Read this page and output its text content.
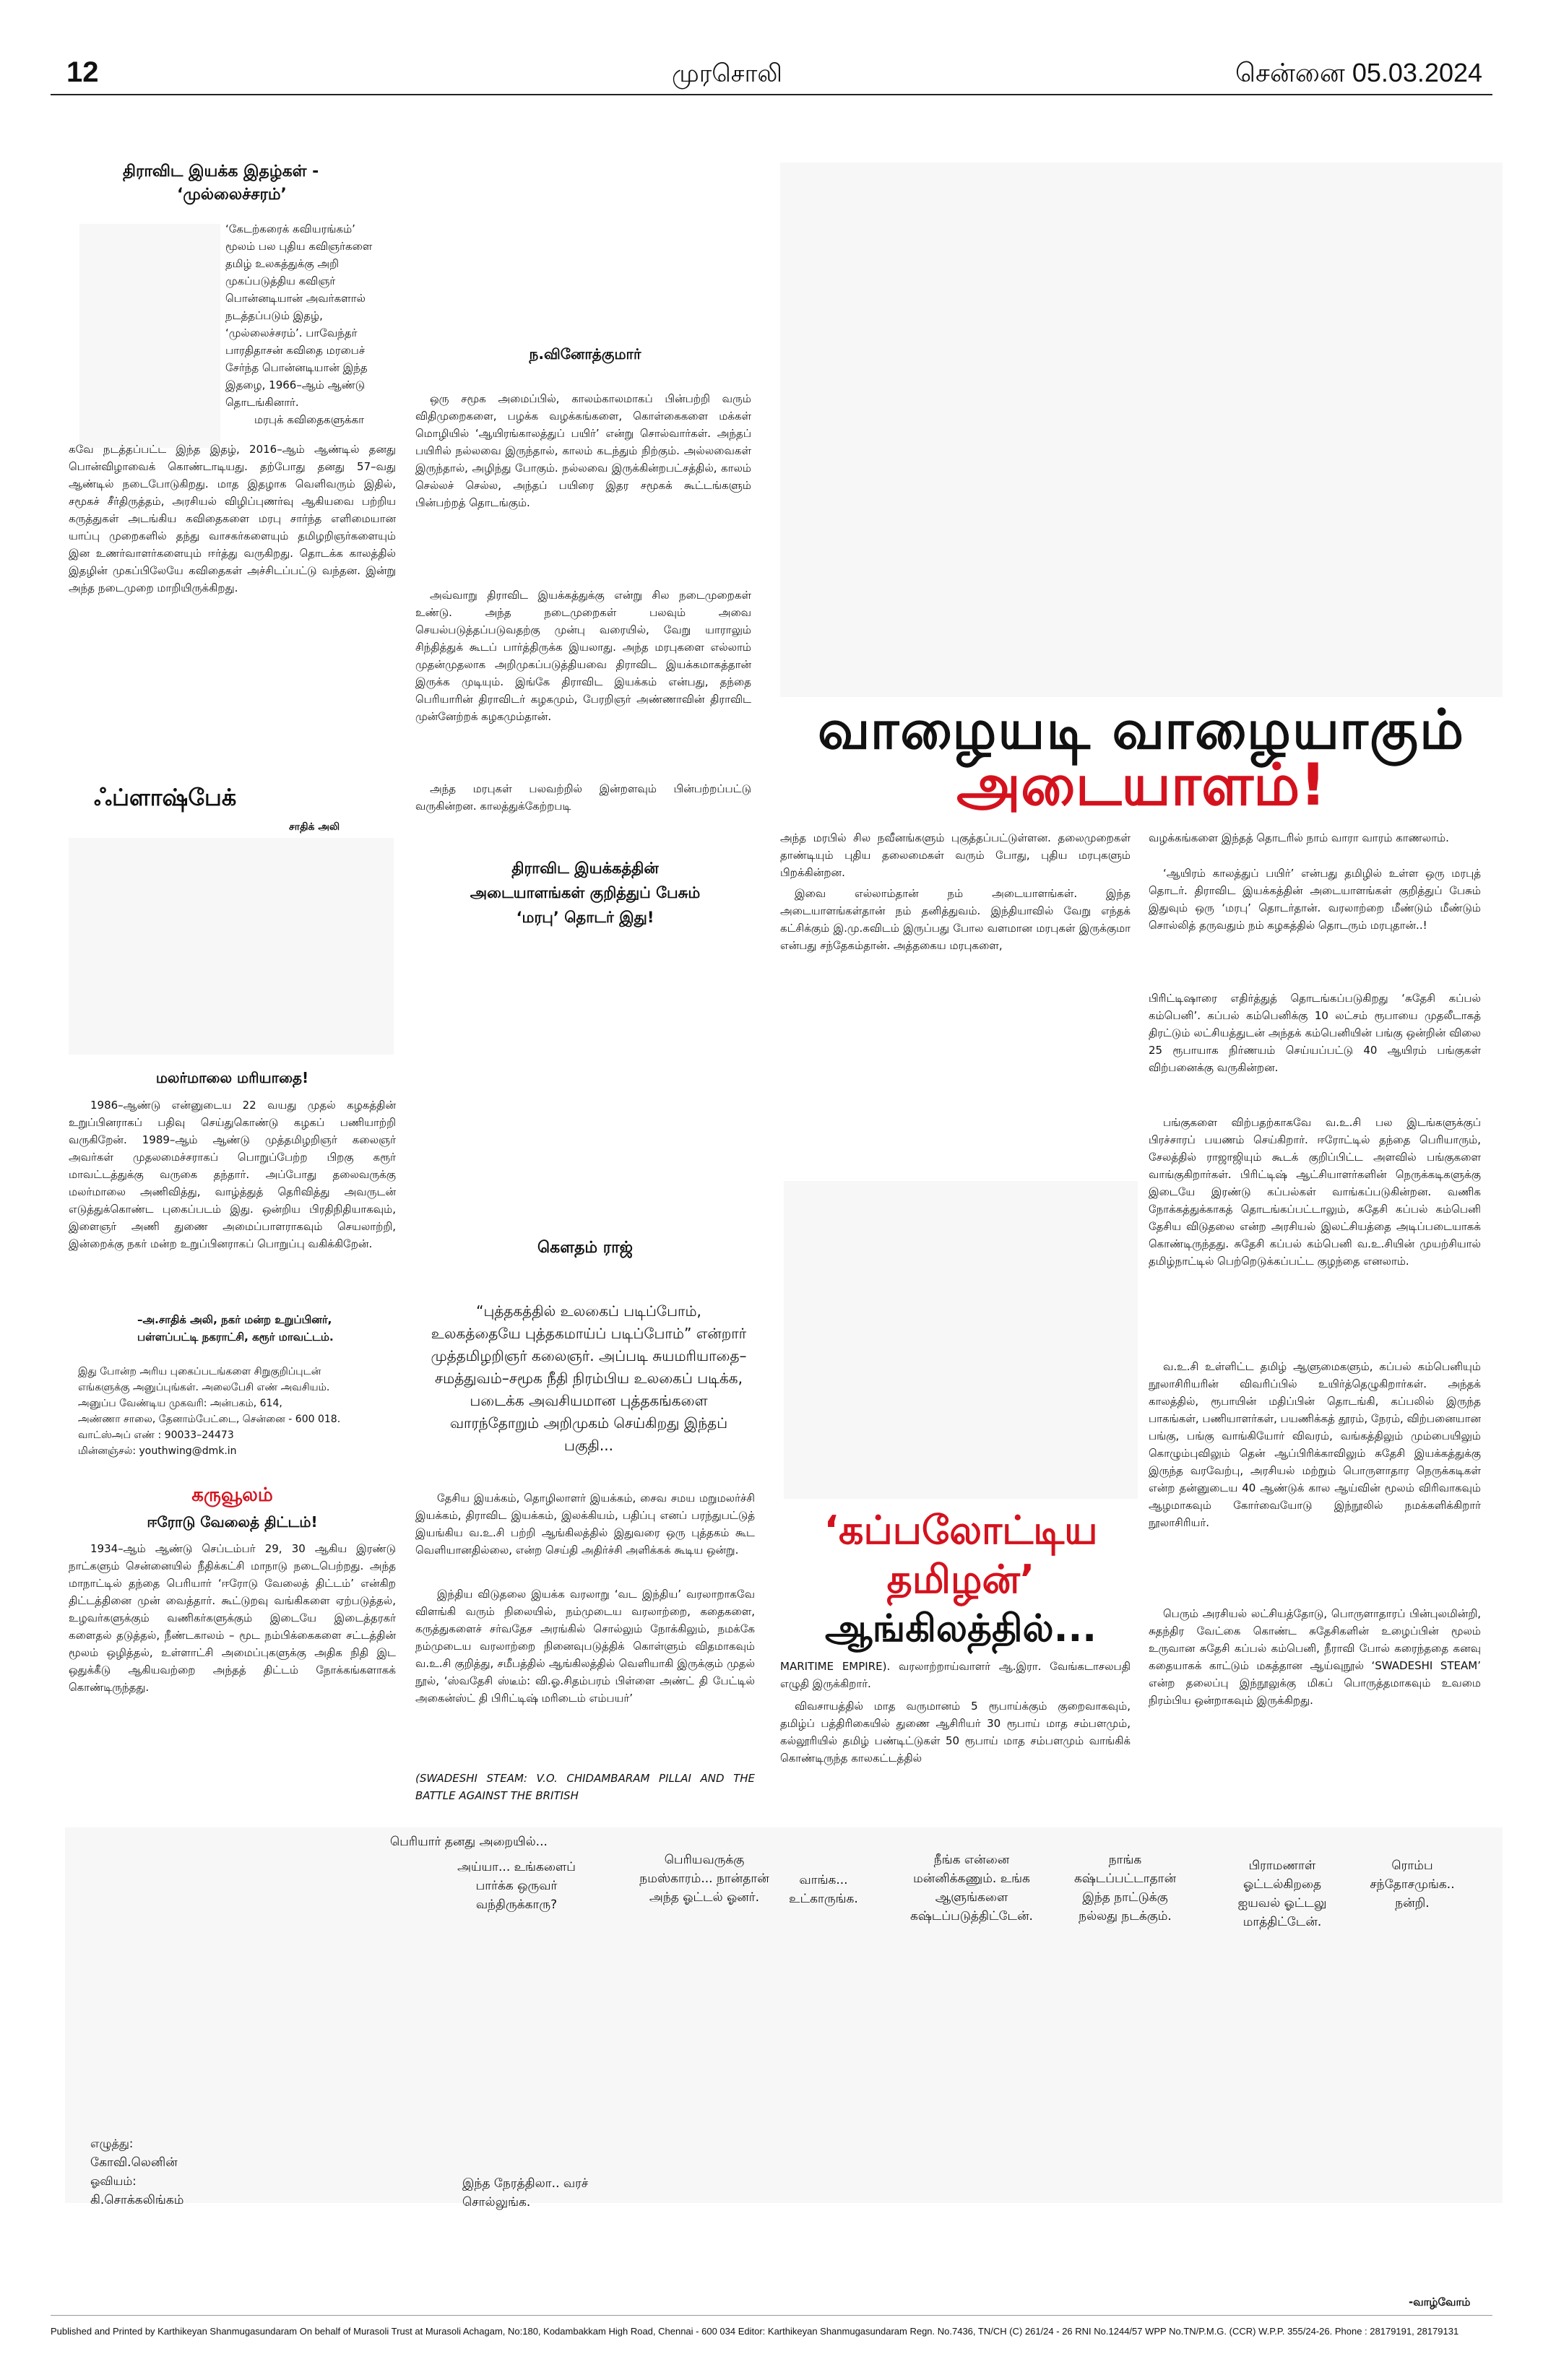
12	முரசொலி	சென்னை 05.03.2024
திராவிட இயக்க இதழ்கள் -
‘முல்லைச்சரம்’
‘கேடற்கரைக் கவியரங்கம்’
மூலம் பல புதிய கவிஞர்களை
தமிழ் உலகத்துக்கு அறி
முகப்படுத்திய கவிஞர்
பொன்னடியான் அவர்களால்
நடத்தப்படும் இதழ்,
‘முல்லைச்சரம்’. பாவேந்தர்
பாரதிதாசன் கவிதை மரபைச்
சேர்ந்த பொன்னடியான் இந்த
இதழை, 1966–ஆம் ஆண்டு
தொடங்கினார்.
மரபுக் கவிதைகளுக்கா

கவே நடத்தப்பட்ட இந்த இதழ், 2016–ஆம் ஆண்டில் தனது பொன்விழாவைக் கொண்டாடியது. தற்போது தனது 57–வது ஆண்டில் நடைபோடுகிறது. மாத இதழாக வெளிவரும் இதில், சமூகச் சீர்திருத்தம், அரசியல் விழிப்புணர்வு ஆகியவை பற்றிய கருத்துகள் அடங்கிய கவிதைகளை மரபு சார்ந்த எளிமையான யாப்பு முறைகளில் தந்து வாசகர்களையும் தமிழறிஞர்களையும் இன உணர்வாளர்களையும் ஈர்த்து வருகிறது. தொடக்க காலத்தில் இதழின் முகப்பிலேயே கவிதைகள் அச்சிடப்பட்டு வந்தன. இன்று அந்த நடைமுறை மாறியிருக்கிறது.

ஃப்ளாஷ்பேக்
சாதிக் அலி
மலர்மாலை மரியாதை!

1986–ஆண்டு என்னுடைய 22 வயது முதல் கழகத்தின் உறுப்பினராகப் பதிவு செய்துகொண்டு கழகப் பணியாற்றி வருகிறேன். 1989–ஆம் ஆண்டு முத்தமிழறிஞர் கலைஞர் அவர்கள் முதலமைச்சராகப் பொறுப்பேற்ற பிறகு கரூர் மாவட்டத்துக்கு வருகை தந்தார். அப்போது தலைவருக்கு மலர்மாலை அணிவித்து, வாழ்த்துத் தெரிவித்து அவருடன் எடுத்துக்கொண்ட புகைப்படம் இது. ஒன்றிய பிரதிநிதியாகவும், இளைஞர் அணி துணை அமைப்பாளராகவும் செயலாற்றி, இன்றைக்கு நகர் மன்ற உறுப்பினராகப் பொறுப்பு வகிக்கிறேன்.

–அ.சாதிக் அலி, நகர் மன்ற உறுப்பினர்,
பள்ளப்பட்டி நகராட்சி, கரூர் மாவட்டம்.
இது போன்ற அரிய புகைப்படங்களை சிறுகுறிப்புடன்
எங்களுக்கு அனுப்புங்கள். அலைபேசி எண் அவசியம்.
அனுப்ப வேண்டிய முகவரி: அன்பகம், 614,
அண்ணா சாலை, தேனாம்பேட்டை, சென்னை - 600 018.
வாட்ஸ்அப் எண் : 90033–24473
மின்னஞ்சல்: youthwing@dmk.in
கருவூலம்
ஈரோடு வேலைத் திட்டம்!

1934–ஆம் ஆண்டு செப்டம்பர் 29, 30 ஆகிய இரண்டு நாட்களும் சென்னையில் நீதிக்கட்சி மாநாடு நடைபெற்றது. அந்த மாநாட்டில் தந்தை பெரியார் ‘ஈரோடு வேலைத் திட்டம்’ என்கிற திட்டத்தினை முன் வைத்தார். கூட்டுறவு வங்கிகளை ஏற்படுத்தல், உழவர்களுக்கும் வணிகர்களுக்கும் இடையே இடைத்தரகர் களைதல் தடுத்தல், நீண்டகாலம் – மூட நம்பிக்கைகளை சட்டத்தின் மூலம் ஒழித்தல், உள்ளாட்சி அமைப்புகளுக்கு அதிக நிதி இட ஒதுக்கீடு ஆகியவற்றை அந்தத் திட்டம் நோக்கங்களாகக் கொண்டிருந்தது.

ந.வினோத்குமார்

ஒரு சமூக அமைப்பில், காலம்காலமாகப் பின்பற்றி வரும் விதிமுறைகளை, பழக்க வழக்கங்களை, கொள்கைகளை மக்கள் மொழியில் ‘ஆயிரங்காலத்துப் பயிர்’ என்று சொல்வார்கள். அந்தப் பயிரில் நல்லவை இருந்தால், காலம் கடந்தும் நிற்கும். அல்லவைகள் இருந்தால், அழிந்து போகும். நல்லவை இருக்கின்றபட்சத்தில், காலம் செல்லச் செல்ல, அந்தப் பயிரை இதர சமூகக் கூட்டங்களும் பின்பற்றத் தொடங்கும்.

அவ்வாறு திராவிட இயக்கத்துக்கு என்று சில நடைமுறைகள் உண்டு. அந்த நடைமுறைகள் பலவும் அவை செயல்படுத்தப்படுவதற்கு முன்பு வரையில், வேறு யாராலும் சிந்தித்துக் கூடப் பார்த்திருக்க இயலாது. அந்த மரபுகளை எல்லாம் முதன்முதலாக அறிமுகப்படுத்தியவை திராவிட இயக்கமாகத்தான் இருக்க முடியும். இங்கே திராவிட இயக்கம் என்பது, தந்தை பெரியாரின் திராவிடர் கழகமும், பேரறிஞர் அண்ணாவின் திராவிட முன்னேற்றக் கழகமும்தான்.

அந்த மரபுகள் பலவற்றில் இன்றளவும் பின்பற்றப்பட்டு வருகின்றன. காலத்துக்கேற்றபடி

திராவிட இயக்கத்தின்
அடையாளங்கள் குறித்துப் பேசும்
‘மரபு’ தொடர் இது!
வாழையடி வாழையாகும்
அடையாளம்!

அந்த மரபில் சில நவீனங்களும் புகுத்தப்பட்டுள்ளன. தலைமுறைகள் தாண்டியும் புதிய தலைமைகள் வரும் போது, புதிய மரபுகளும் பிறக்கின்றன.

இவை எல்லாம்தான் நம் அடையாளங்கள். இந்த அடையாளங்கள்தான் நம் தனித்துவம். இந்தியாவில் வேறு எந்தக் கட்சிக்கும் இ.மு.கவிடம் இருப்பது போல வளமான மரபுகள் இருக்குமா என்பது சந்தேகம்தான். அத்தகைய மரபுகளை,

வழக்கங்களை இந்தத் தொடரில் நாம் வாரா வாரம் காணலாம்.

‘ஆயிரம் காலத்துப் பயிர்’ என்பது தமிழில் உள்ள ஒரு மரபுத் தொடர். திராவிட இயக்கத்தின் அடையாளங்கள் குறித்துப் பேசும் இதுவும் ஒரு ‘மரபு’ தொடர்தான். வரலாற்றை மீண்டும் மீண்டும் சொல்லித் தருவதும் நம் கழகத்தில் தொடரும் மரபுதான்..!

கௌதம் ராஜ்

“புத்தகத்தில் உலகைப் படிப்போம், உலகத்தையே புத்தகமாய்ப் படிப்போம்” என்றார் முத்தமிழறிஞர் கலைஞர். அப்படி சுயமரியாதை–சமத்துவம்–சமூக நீதி நிரம்பிய உலகைப் படிக்க, படைக்க அவசியமான புத்தகங்களை வாரந்தோறும் அறிமுகம் செய்கிறது இந்தப் பகுதி...

தேசிய இயக்கம், தொழிலாளர் இயக்கம், சைவ சமய மறுமலர்ச்சி இயக்கம், திராவிட இயக்கம், இலக்கியம், பதிப்பு எனப் பரந்துபட்டுத் இயங்கிய வ.உ.சி பற்றி ஆங்கிலத்தில் இதுவரை ஒரு புத்தகம் கூட வெளியானதில்லை, என்ற செய்தி அதிர்ச்சி அளிக்கக் கூடிய ஒன்று.

இந்திய விடுதலை இயக்க வரலாறு ‘வட இந்திய’ வரலாறாகவே விளங்கி வரும் நிலையில், நம்முடைய வரலாற்றை, கதைகளை, கருத்துகளைச் சர்வதேச அரங்கில் சொல்லும் நோக்கிலும், நமக்கே நம்முடைய வரலாற்றை நினைவுபடுத்திக் கொள்ளும் விதமாகவும் வ.உ.சி குறித்து, சமீபத்தில் ஆங்கிலத்தில் வெளியாகி இருக்கும் முதல் நூல், ‘ஸ்வதேசி ஸ்டீம்: வி.ஓ.சிதம்பரம் பிள்ளை அண்ட் தி பேட்டில் அகைன்ஸ்ட் தி பிரிட்டிஷ் மரிடைம் எம்பயர்’

(SWADESHI STEAM: V.O. CHIDAMBARAM PILLAI AND THE BATTLE AGAINST THE BRITISH

‘கப்பலோட்டிய
தமிழன்’
ஆங்கிலத்தில்...

MARITIME EMPIRE). வரலாற்றாய்வாளர் ஆ.இரா. வேங்கடாசலபதி எழுதி இருக்கிறார்.

விவசாயத்தில் மாத வருமானம் 5 ரூபாய்க்கும் குறைவாகவும், தமிழ்ப் பத்திரிகையில் துணை ஆசிரியர் 30 ரூபாய் மாத சம்பளமும், கல்லூரியில் தமிழ் பண்டிட்டுகள் 50 ரூபாய் மாத சம்பளமும் வாங்கிக் கொண்டிருந்த காலகட்டத்தில்

பிரிட்டிஷாரை எதிர்த்துத் தொடங்கப்படுகிறது ‘சுதேசி கப்பல் கம்பெனி’. கப்பல் கம்பெனிக்கு 10 லட்சம் ரூபாயை முதலீடாகத் திரட்டும் லட்சியத்துடன் அந்தக் கம்பெனியின் பங்கு ஒன்றின் விலை 25 ரூபாயாக நிர்ணயம் செய்யப்பட்டு 40 ஆயிரம் பங்குகள் விற்பனைக்கு வருகின்றன.

பங்குகளை விற்பதற்காகவே வ.உ.சி பல இடங்களுக்குப் பிரச்சாரப் பயணம் செய்கிறார். ஈரோட்டில் தந்தை பெரியாரும், சேலத்தில் ராஜாஜியும் கூடக் குறிப்பிட்ட அளவில் பங்குகளை வாங்குகிறார்கள். பிரிட்டிஷ் ஆட்சியாளர்களின் நெருக்கடிகளுக்கு இடையே இரண்டு கப்பல்கள் வாங்கப்படுகின்றன. வணிக நோக்கத்துக்காகத் தொடங்கப்பட்டாலும், சுதேசி கப்பல் கம்பெனி தேசிய விடுதலை என்ற அரசியல் இலட்சியத்தை அடிப்படையாகக் கொண்டிருந்தது. சுதேசி கப்பல் கம்பெனி வ.உ.சியின் முயற்சியால் தமிழ்நாட்டில் பெற்றெடுக்கப்பட்ட குழந்தை எனலாம்.

வ.உ.சி உள்ளிட்ட தமிழ் ஆளுமைகளும், கப்பல் கம்பெனியும் நூலாசிரியரின் விவரிப்பில் உயிர்த்தெழுகிறார்கள். அந்தக் காலத்தில், ரூபாயின் மதிப்பின் தொடங்கி, கப்பலில் இருந்த பாகங்கள், பணியாளர்கள், பயணிக்கத் தூரம், நேரம், விற்பனையான பங்கு, பங்கு வாங்கியோர் விவரம், வங்கத்திலும் மும்பையிலும் கொழும்புவிலும் தென் ஆப்பிரிக்காவிலும் சுதேசி இயக்கத்துக்கு இருந்த வரவேற்பு, அரசியல் மற்றும் பொருளாதார நெருக்கடிகள் என்ற தன்னுடைய 40 ஆண்டுக் கால ஆய்வின் மூலம் விரிவாகவும் ஆழமாகவும் கோர்வையோடு இந்நூலில் நமக்களிக்கிறார் நூலாசிரியர்.

பெரும் அரசியல் லட்சியத்தோடு, பொருளாதாரப் பின்புலமின்றி, சுதந்திர வேட்கை கொண்ட சுதேசிகளின் உழைப்பின் மூலம் உருவான சுதேசி கப்பல் கம்பெனி, நீராவி போல் கரைந்ததை கனவு கதையாகக் காட்டும் மகத்தான ஆய்வுநூல் ‘SWADESHI STEAM’ என்ற தலைப்பு இந்நூலுக்கு மிகப் பொருத்தமாகவும் உவமை நிரம்பிய ஒன்றாகவும் இருக்கிறது.

பெரியார் தனது அறையில்...
அய்யா... உங்களைப் பார்க்க ஒருவர் வந்திருக்காரு?
பெரியவருக்கு நமஸ்காரம்... நான்தான் அந்த ஓட்டல் ஓனர்.
வாங்க... உட்காருங்க.
நீங்க என்னை மன்னிக்கணும். உங்க ஆளுங்களை கஷ்டப்படுத்திட்டேன்.
நாங்க கஷ்டப்பட்டாதான் இந்த நாட்டுக்கு நல்லது நடக்கும்.
பிராமணாள் ஓட்டல்கிறதை ஐயவல் ஓட்டலு மாத்திட்டேன்.
ரொம்ப சந்தோசமுங்க.. நன்றி.
எழுத்து:
கோவி.லெனின்
ஓவியம்:
கி.சொக்கலிங்கம்
இந்த நேரத்திலா.. வரச் சொல்லுங்க.
-வாழ்வோம்
Published and Printed by Karthikeyan Shanmugasundaram On behalf of Murasoli Trust at Murasoli Achagam, No:180, Kodambakkam High Road, Chennai - 600 034 Editor: Karthikeyan Shanmugasundaram Regn. No.7436, TN/CH (C) 261/24 - 26 RNI No.1244/57 WPP No.TN/P.M.G. (CCR) W.P.P. 355/24-26. Phone : 28179191, 28179131
